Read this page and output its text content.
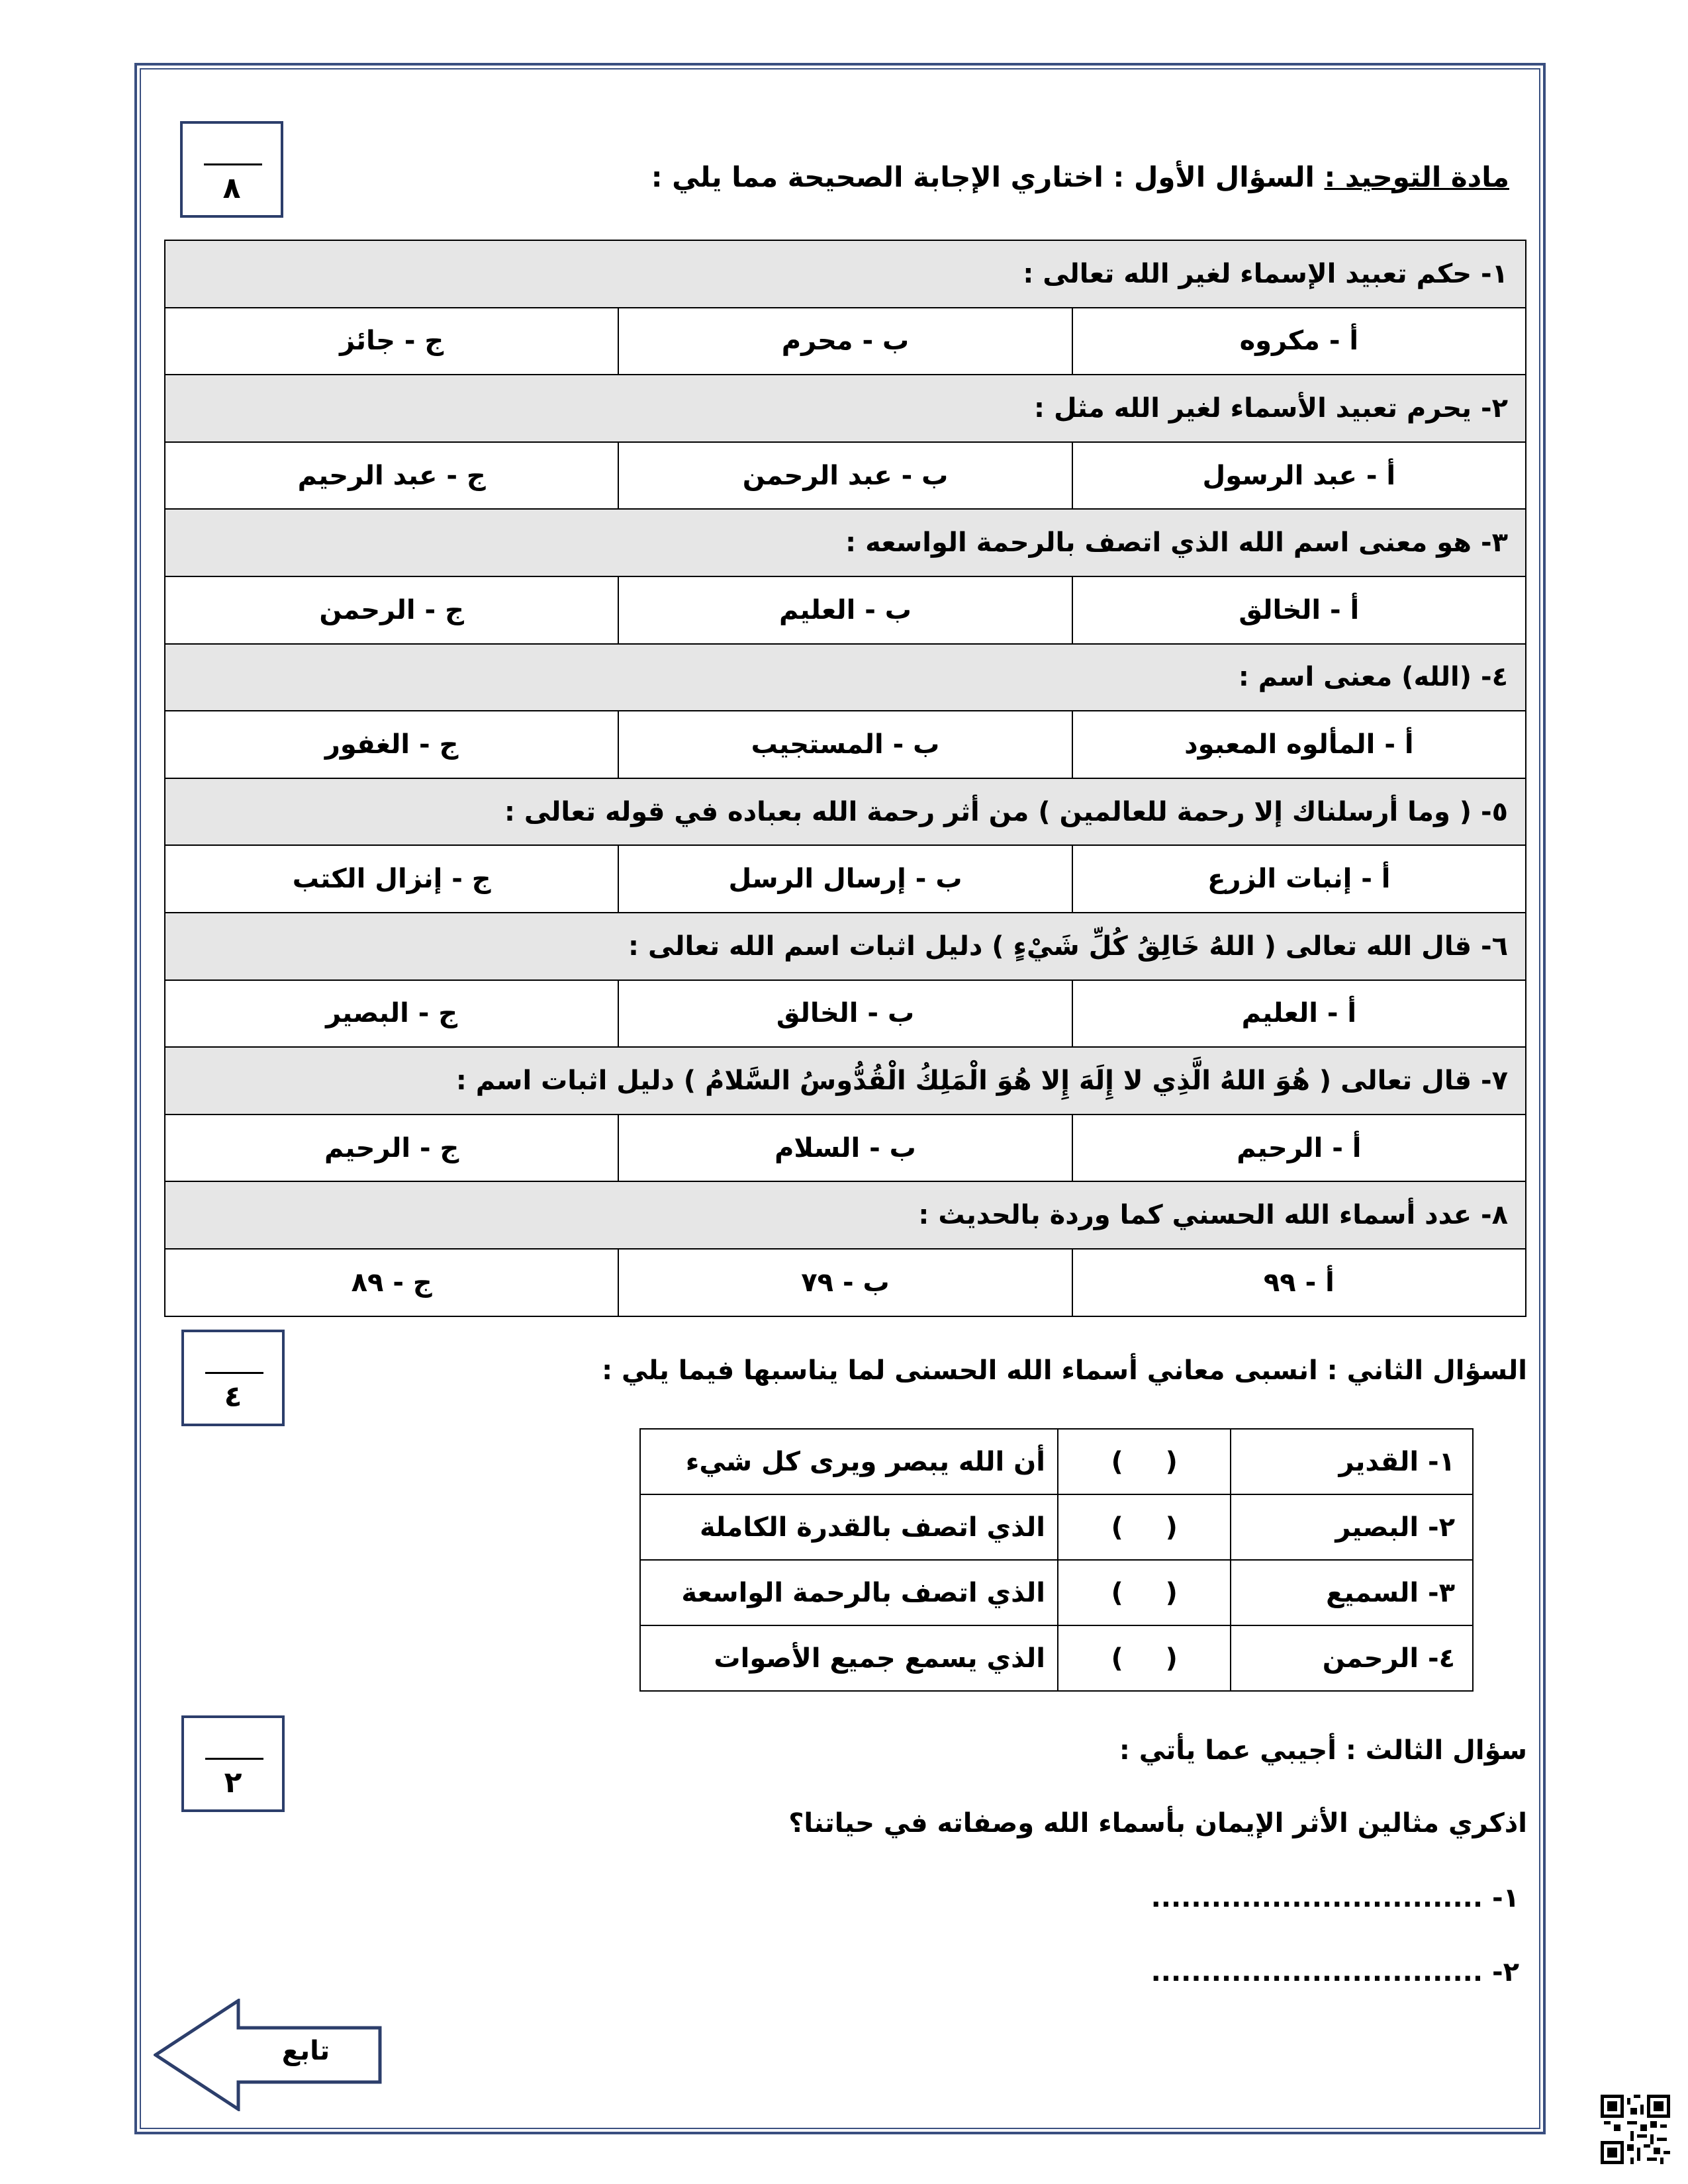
٨	مادة التوحيد : السؤال الأول : اختاري الإجابة الصحيحة مما يلي :
١- حكم تعبيد الإسماء لغير الله تعالى :		
أ - مكروه	ب - محرم	ج - جائز
٢- يحرم تعبيد الأسماء لغير الله مثل :		
أ - عبد الرسول	ب - عبد الرحمن	ج - عبد الرحيم
٣- هو معنى اسم الله الذي اتصف بالرحمة الواسعه :		
أ - الخالق	ب - العليم	ج - الرحمن
٤- (الله) معنى اسم :		
أ - المألوه المعبود	ب - المستجيب	ج - الغفور
٥- ( وما أرسلناك إلا رحمة للعالمين ) من أثر رحمة الله بعباده في قوله تعالى :		
أ - إنبات الزرع	ب - إرسال الرسل	ج - إنزال الكتب
٦- قال الله تعالى ( اللهُ خَالِقُ كُلِّ شَيْءٍ ) دليل اثبات اسم الله تعالى :		
أ - العليم	ب - الخالق	ج - البصير
٧- قال تعالى ( هُوَ اللهُ الَّذِي لا إِلَهَ إِلا هُوَ الْمَلِكُ الْقُدُّوسُ السَّلامُ ) دليل اثبات اسم :		
أ - الرحيم	ب - السلام	ج - الرحيم
٨- عدد أسماء الله الحسني كما وردة بالحديث :		
أ - ٩٩	ب - ٧٩	ج - ٨٩
٤
السؤال الثاني : انسبى معاني أسماء الله الحسنى لما يناسبها فيما يلي :
١- القدير	( )	أن الله يبصر ويرى كل شيء
٢- البصير	( )	الذي اتصف بالقدرة الكاملة
٣- السميع	( )	الذي اتصف بالرحمة الواسعة
٤- الرحمن	( )	الذي يسمع جميع الأصوات
٢
سؤال الثالث : أجيبي عما يأتي :
اذكري مثالين الأثر الإيمان بأسماء الله وصفاته في حياتنا؟
١- .................................
٢- .................................
تابع
